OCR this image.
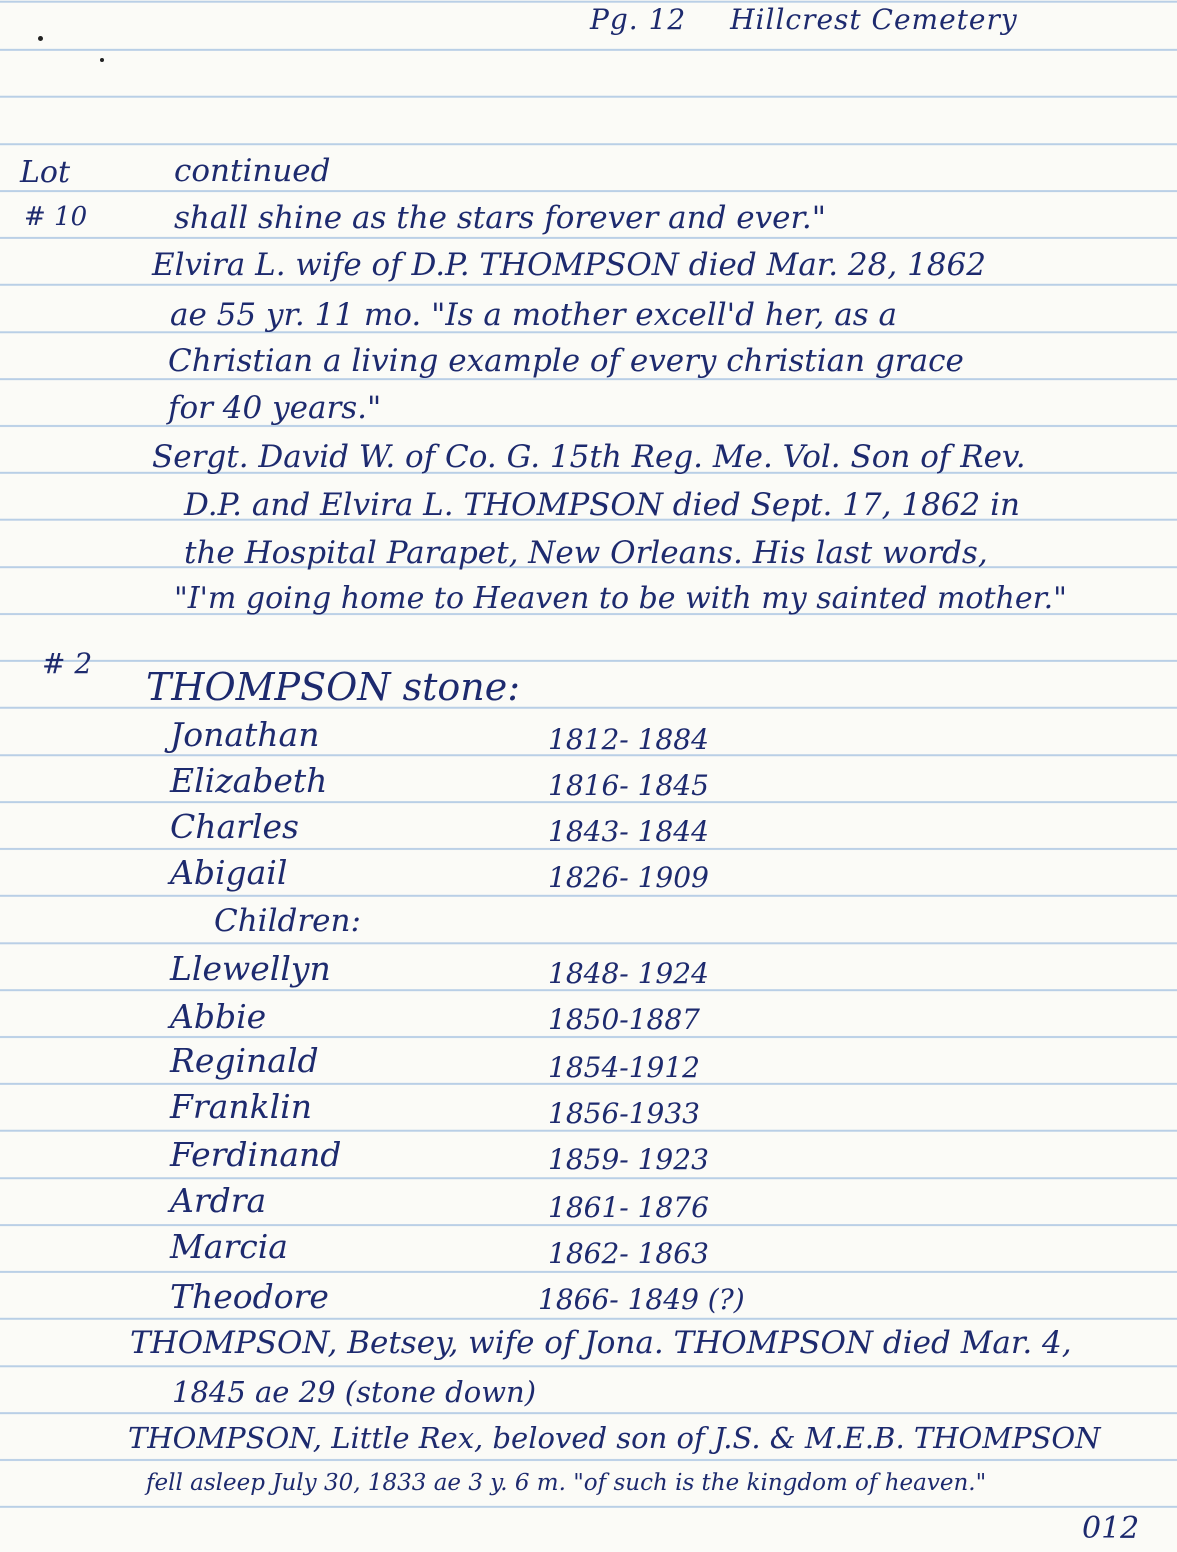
Pg. 12 Hillcrest Cemetery
Lot
# 10
continued
shall shine as the stars forever and ever."
Elvira L. wife of D.P. THOMPSON died Mar. 28, 1862
ae 55 yr. 11 mo. "Is a mother excell'd her, as a
Christian a living example of every christian grace
for 40 years."
Sergt. David W. of Co. G. 15th Reg. Me. Vol. Son of Rev.
D.P. and Elvira L. THOMPSON died Sept. 17, 1862 in
the Hospital Parapet, New Orleans. His last words,
"I'm going home to Heaven to be with my sainted mother."
# 2
THOMPSON stone:
Jonathan	1812- 1884
Elizabeth	1816- 1845
Charles	1843- 1844
Abigail	1826- 1909
Children:
Llewellyn	1848- 1924
Abbie	1850-1887
Reginald	1854-1912
Franklin	1856-1933
Ferdinand	1859- 1923
Ardra	1861- 1876
Marcia	1862- 1863
Theodore	1866- 1849 (?)
THOMPSON, Betsey, wife of Jona. THOMPSON died Mar. 4,
1845 ae 29 (stone down)
THOMPSON, Little Rex, beloved son of J.S. & M.E.B. THOMPSON
fell asleep July 30, 1833 ae 3 y. 6 m. "of such is the kingdom of heaven."
012
